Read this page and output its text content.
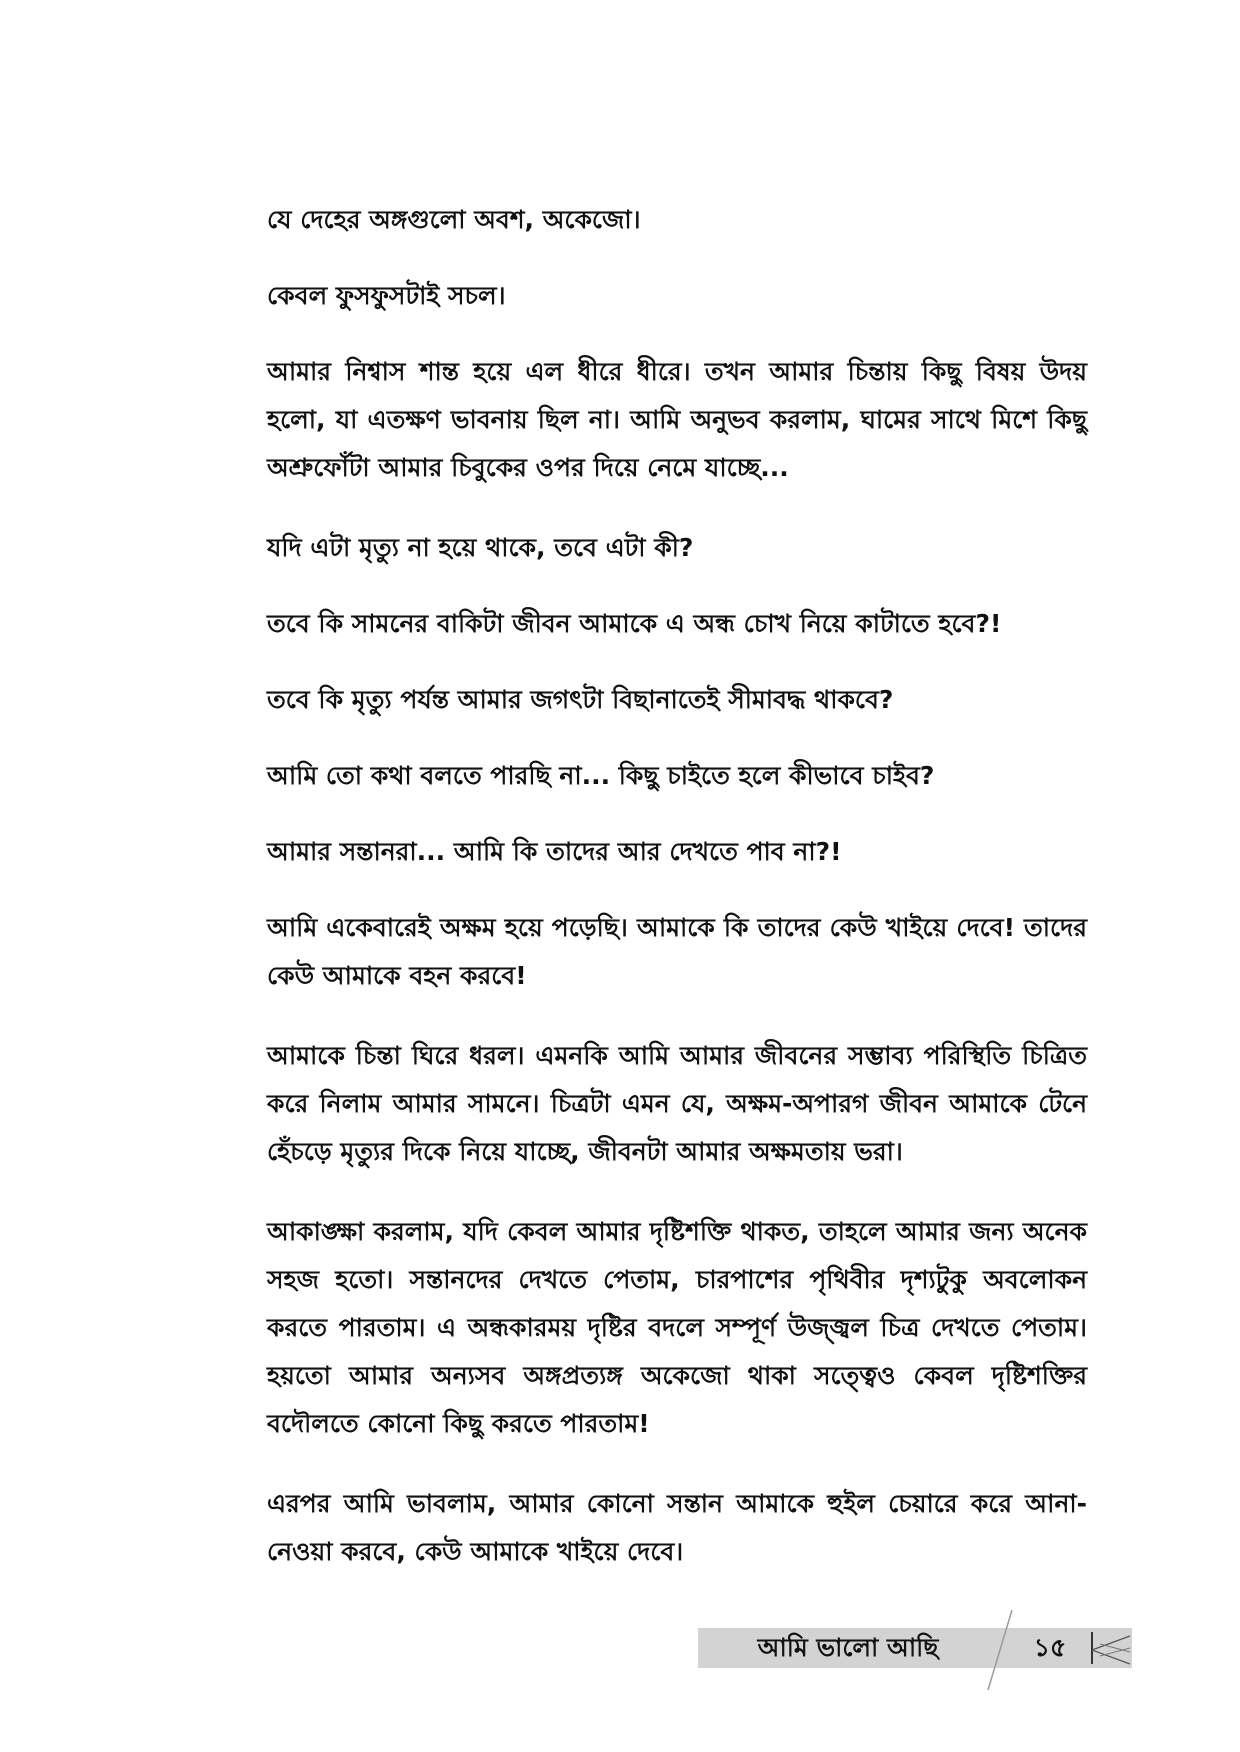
যে দেহের অঙ্গগুলো অবশ, অকেজো।

কেবল ফুসফুসটাই সচল।

আমার নিশ্বাস শান্ত হয়ে এল ধীরে ধীরে। তখন আমার চিন্তায় কিছু বিষয় উদয় হলো, যা এতক্ষণ ভাবনায় ছিল না। আমি অনুভব করলাম, ঘামের সাথে মিশে কিছু অশ্রুফোঁটা আমার চিবুকের ওপর দিয়ে নেমে যাচ্ছে...

যদি এটা মৃত্যু না হয়ে থাকে, তবে এটা কী?

তবে কি সামনের বাকিটা জীবন আমাকে এ অন্ধ চোখ নিয়ে কাটাতে হবে?!

তবে কি মৃত্যু পর্যন্ত আমার জগৎটা বিছানাতেই সীমাবদ্ধ থাকবে?

আমি তো কথা বলতে পারছি না... কিছু চাইতে হলে কীভাবে চাইব?

আমার সন্তানরা... আমি কি তাদের আর দেখতে পাব না?!

আমি একেবারেই অক্ষম হয়ে পড়েছি। আমাকে কি তাদের কেউ খাইয়ে দেবে! তাদের কেউ আমাকে বহন করবে!

আমাকে চিন্তা ঘিরে ধরল। এমনকি আমি আমার জীবনের সম্ভাব্য পরিস্থিতি চিত্রিত করে নিলাম আমার সামনে। চিত্রটা এমন যে, অক্ষম-অপারগ জীবন আমাকে টেনে হেঁচড়ে মৃত্যুর দিকে নিয়ে যাচ্ছে, জীবনটা আমার অক্ষমতায় ভরা।

আকাঙ্ক্ষা করলাম, যদি কেবল আমার দৃষ্টিশক্তি থাকত, তাহলে আমার জন্য অনেক সহজ হতো। সন্তানদের দেখতে পেতাম, চারপাশের পৃথিবীর দৃশ্যটুকু অবলোকন করতে পারতাম। এ অন্ধকারময় দৃষ্টির বদলে সম্পূর্ণ উজ্জ্বল চিত্র দেখতে পেতাম। হয়তো আমার অন্যসব অঙ্গপ্রত্যঙ্গ অকেজো থাকা সত্ত্বেও কেবল দৃষ্টিশক্তির বদৌলতে কোনো কিছু করতে পারতাম!

এরপর আমি ভাবলাম, আমার কোনো সন্তান আমাকে হুইল চেয়ারে করে আনা-নেওয়া করবে, কেউ আমাকে খাইয়ে দেবে।

আমি ভালো আছি	১৫
